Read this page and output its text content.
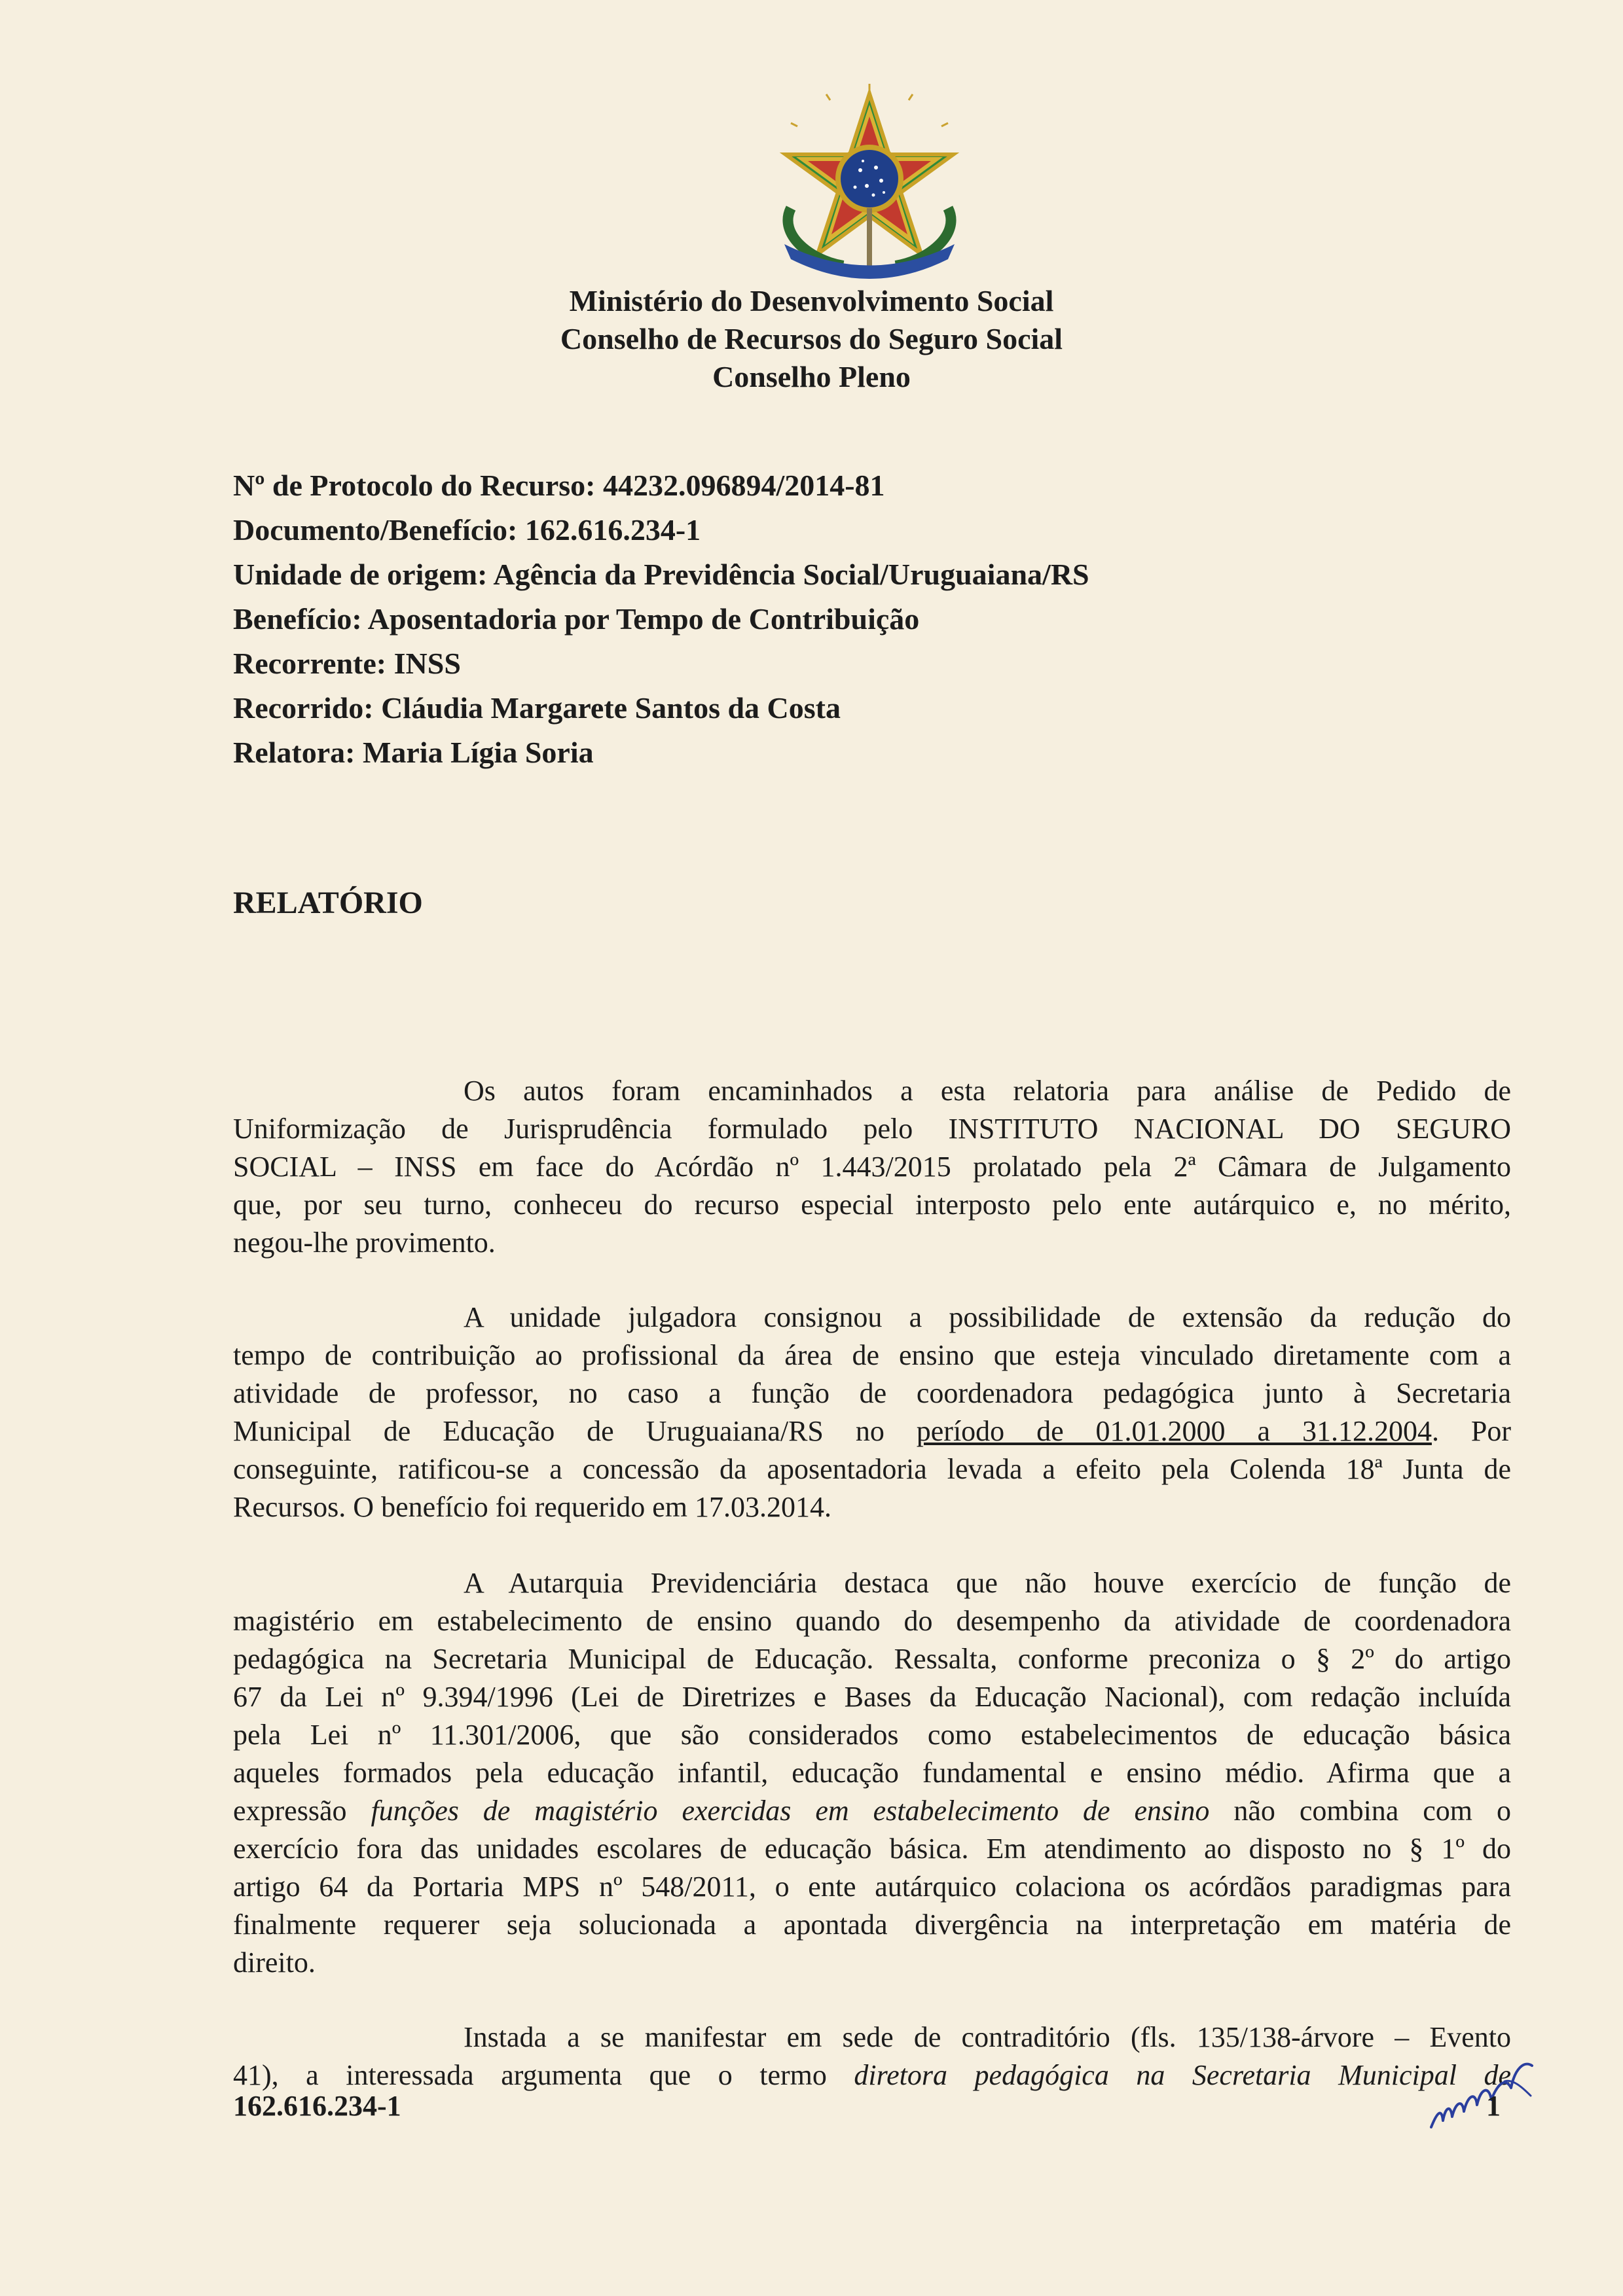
Ministério do Desenvolvimento Social
Conselho de Recursos do Seguro Social
Conselho Pleno
Nº de Protocolo do Recurso: 44232.096894/2014-81
Documento/Benefício: 162.616.234-1
Unidade de origem: Agência da Previdência Social/Uruguaiana/RS
Benefício: Aposentadoria por Tempo de Contribuição
Recorrente: INSS
Recorrido: Cláudia Margarete Santos da Costa
Relatora: Maria Lígia Soria
RELATÓRIO
Os autos foram encaminhados a esta relatoria para análise de Pedido de
Uniformização de Jurisprudência formulado pelo INSTITUTO NACIONAL DO SEGURO
SOCIAL – INSS em face do Acórdão nº 1.443/2015 prolatado pela 2ª Câmara de Julgamento
que, por seu turno, conheceu do recurso especial interposto pelo ente autárquico e, no mérito,
negou-lhe provimento.
A unidade julgadora consignou a possibilidade de extensão da redução do
tempo de contribuição ao profissional da área de ensino que esteja vinculado diretamente com a
atividade de professor, no caso a função de coordenadora pedagógica junto à Secretaria
Municipal de Educação de Uruguaiana/RS no período de 01.01.2000 a 31.12.2004. Por
conseguinte, ratificou-se a concessão da aposentadoria levada a efeito pela Colenda 18ª Junta de
Recursos. O benefício foi requerido em 17.03.2014.
A Autarquia Previdenciária destaca que não houve exercício de função de
magistério em estabelecimento de ensino quando do desempenho da atividade de coordenadora
pedagógica na Secretaria Municipal de Educação. Ressalta, conforme preconiza o § 2º do artigo
67 da Lei nº 9.394/1996 (Lei de Diretrizes e Bases da Educação Nacional), com redação incluída
pela Lei nº 11.301/2006, que são considerados como estabelecimentos de educação básica
aqueles formados pela educação infantil, educação fundamental e ensino médio. Afirma que a
expressão funções de magistério exercidas em estabelecimento de ensino não combina com o
exercício fora das unidades escolares de educação básica. Em atendimento ao disposto no § 1º do
artigo 64 da Portaria MPS nº 548/2011, o ente autárquico colaciona os acórdãos paradigmas para
finalmente requerer seja solucionada a apontada divergência na interpretação em matéria de
direito.
Instada a se manifestar em sede de contraditório (fls. 135/138-árvore – Evento
41), a interessada argumenta que o termo diretora pedagógica na Secretaria Municipal de
162.616.234-1	1
